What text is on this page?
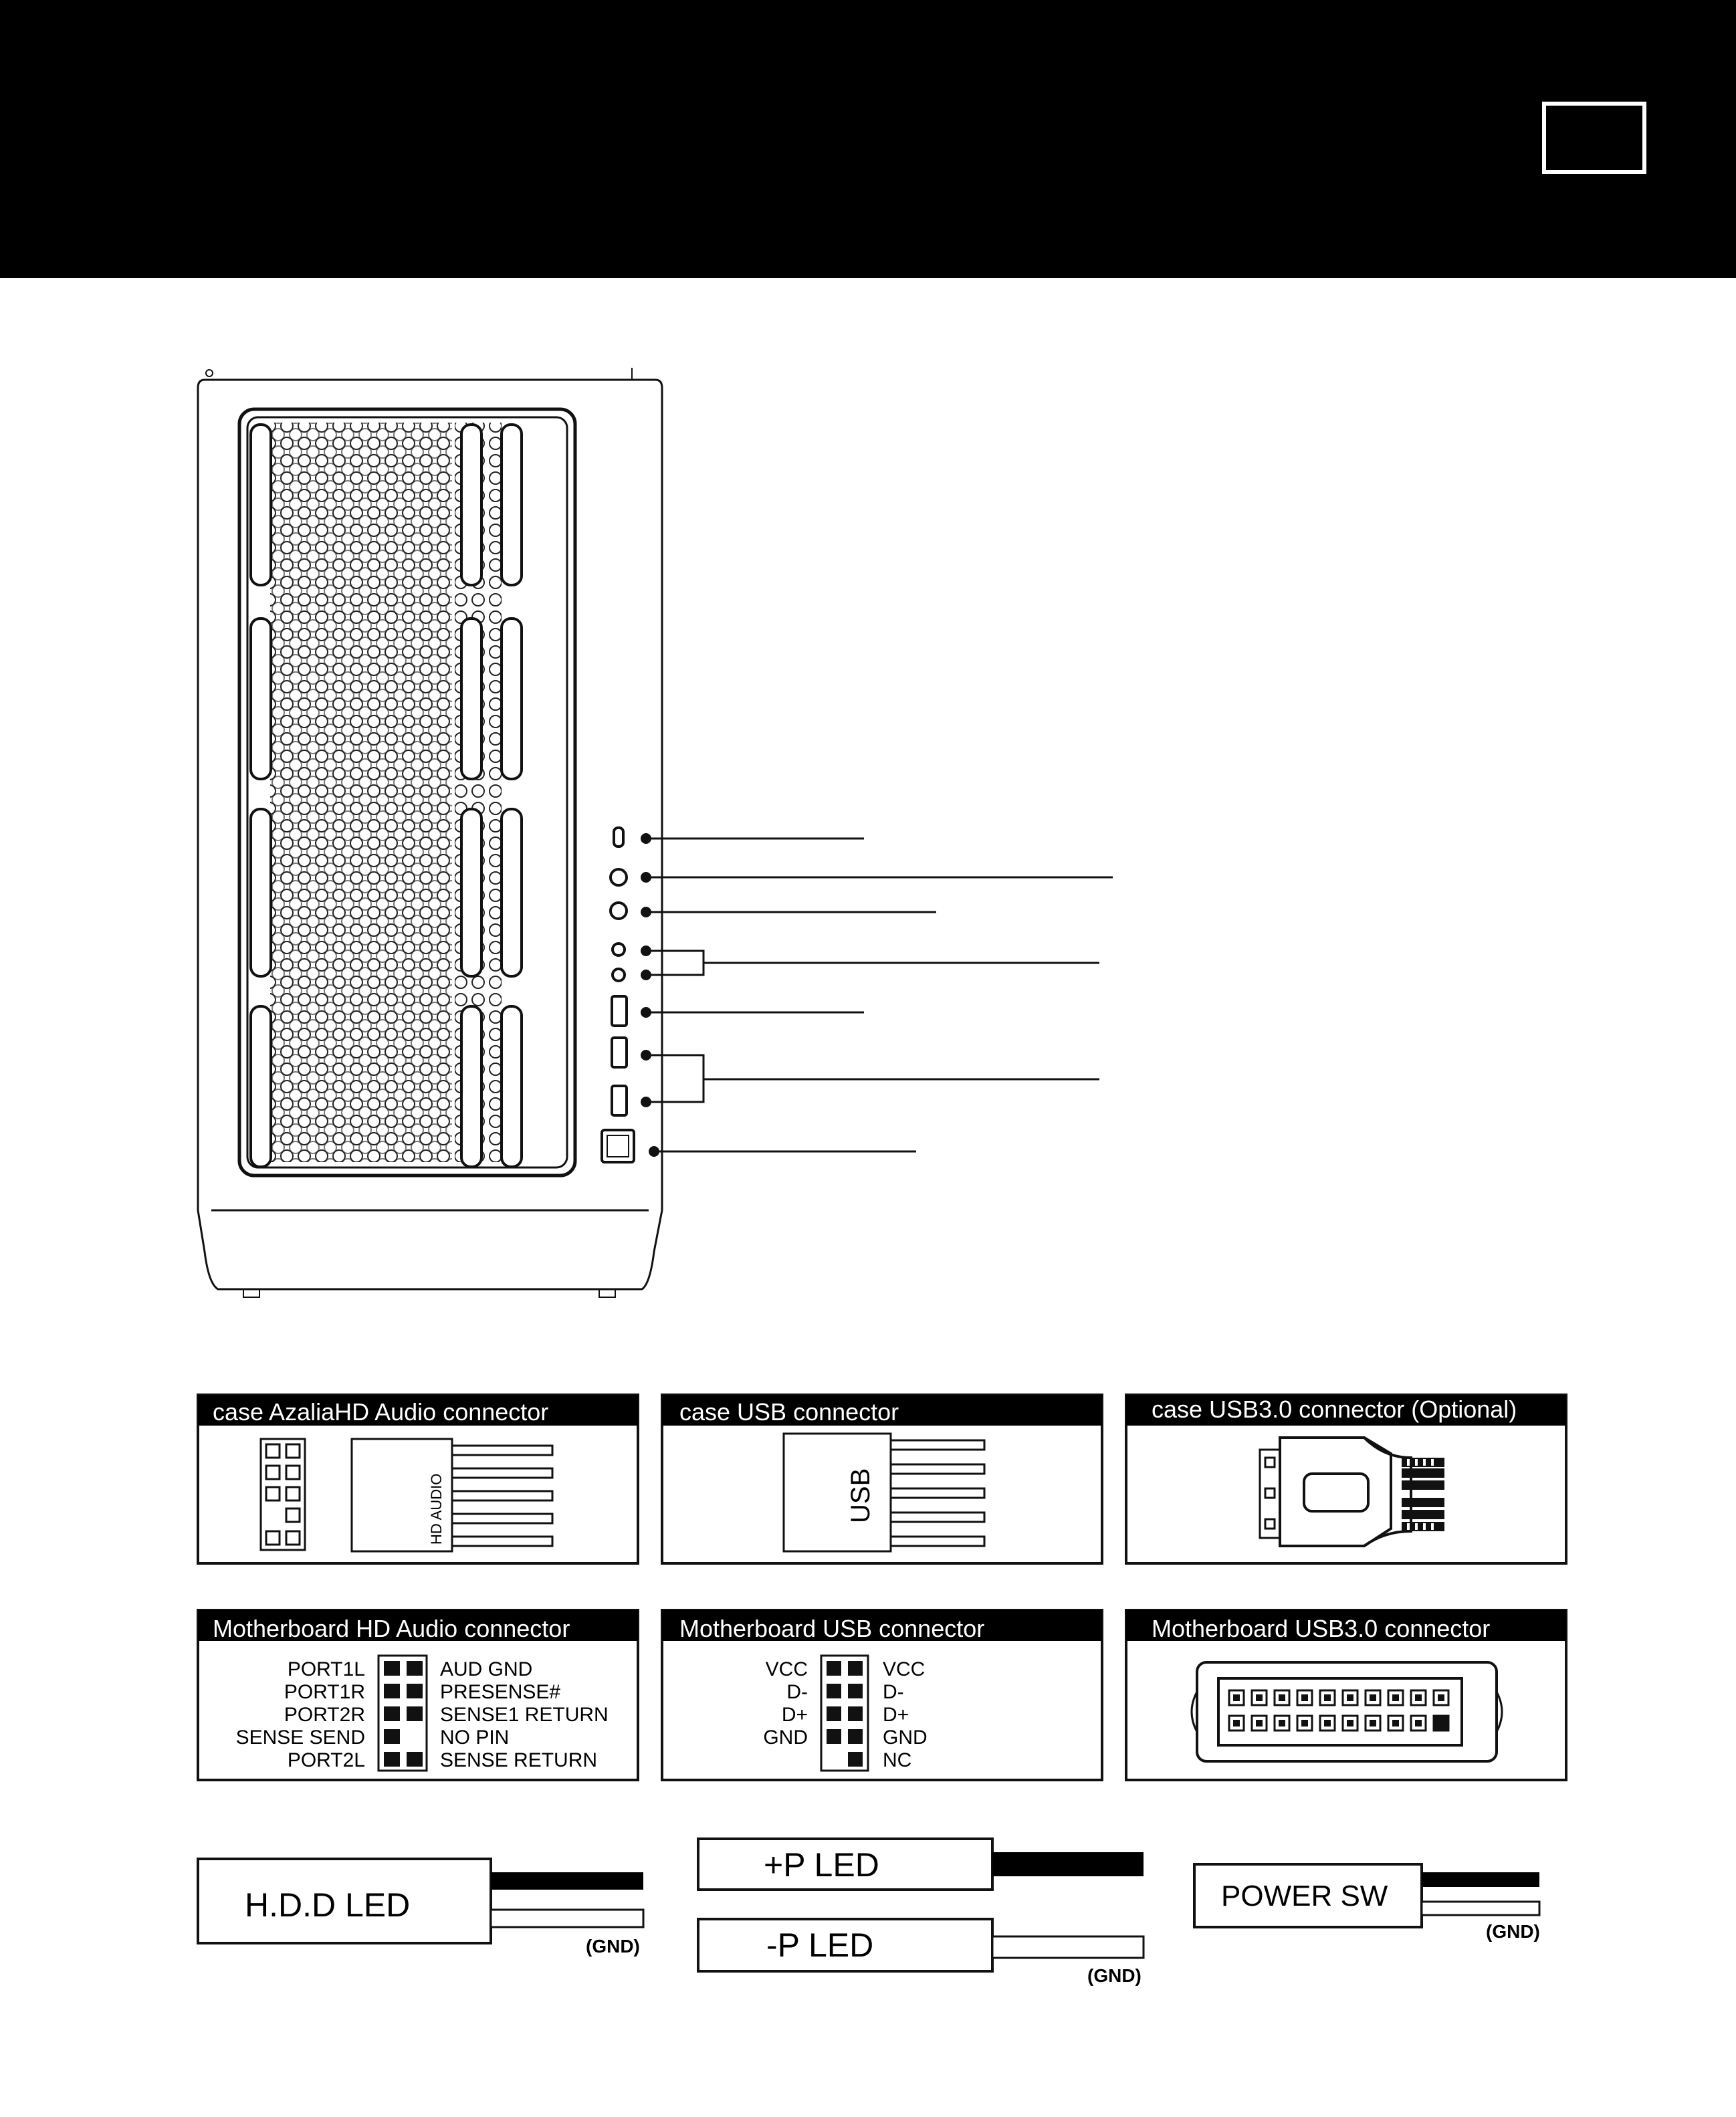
case AzaliaHD Audio connector
HD AUDIO
case USB connector
USB
case USB3.0 connector (Optional)
Motherboard HD Audio connector
PORT1L
PORT1R
PORT2R
SENSE SEND
PORT2L
AUD GND
PRESENSE#
SENSE1 RETURN
NO PIN
SENSE RETURN
Motherboard USB connector
VCC
D-
D+
GND
VCC
D-
D+
GND
NC
Motherboard USB3.0 connector
H.D.D LED
(GND)
+P LED
-P LED
(GND)
POWER SW
(GND)
